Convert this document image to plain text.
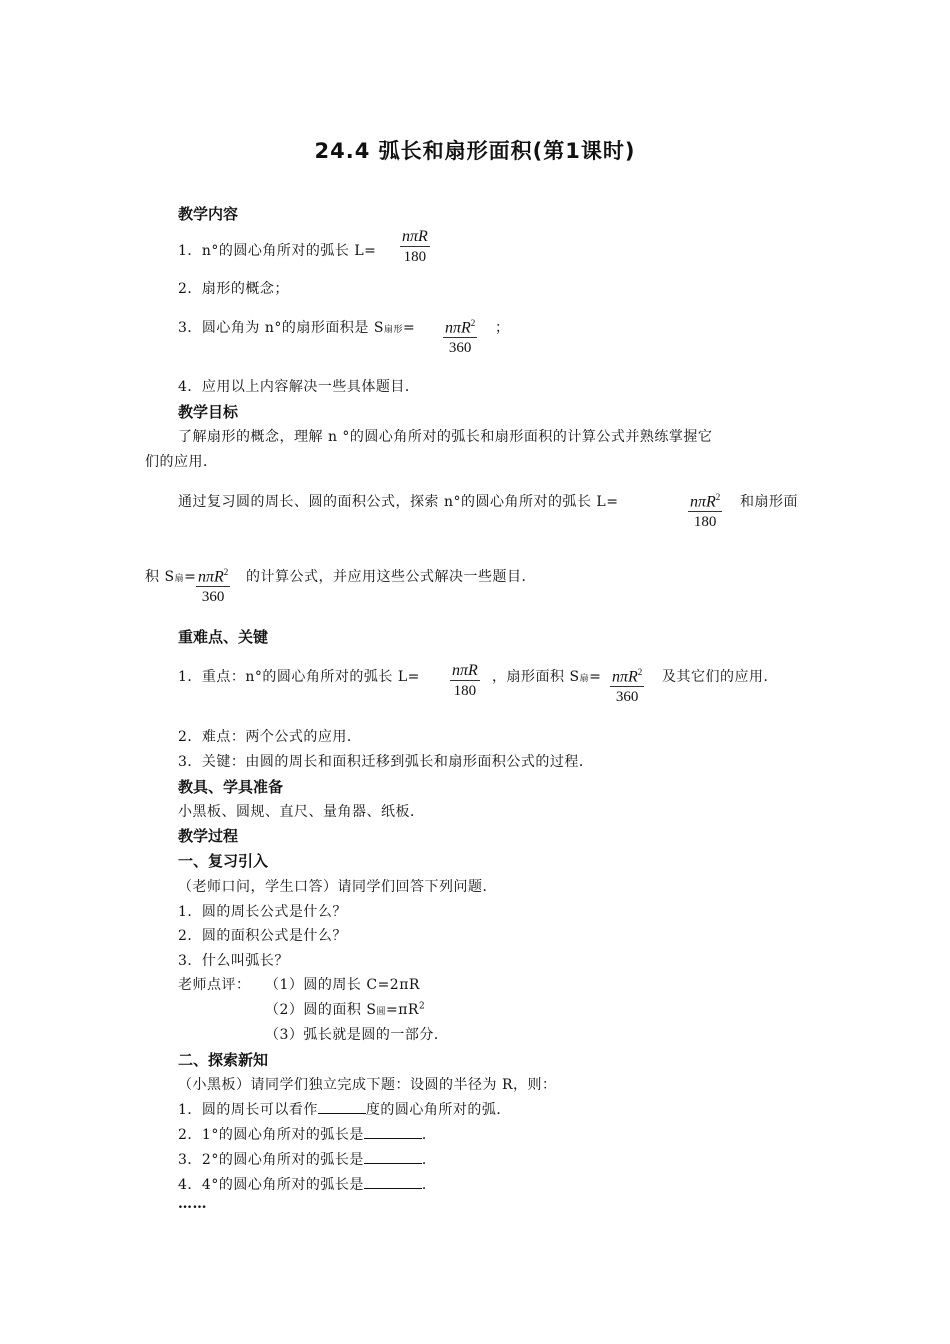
24.4 弧长和扇形面积(第1课时)
教学内容
1．n°的圆心角所对的弧长 L=
nπR
180
2．扇形的概念；
3．圆心角为 n°的扇形面积是 S扇形= nπR$^2$
360
；
4．应用以上内容解决一些具体题目．
教学目标
了解扇形的概念，理解 n °的圆心角所对的弧长和扇形面积的计算公式并熟练掌握它
们的应用．
通过复习圆的周长、圆的面积公式，探索 n°的圆心角所对的弧长 L=	nπR$^2$
180
和扇形面
积 S扇= nπR$^2$
360
的计算公式，并应用这些公式解决一些题目．
重难点、关键
1．重点：n°的圆心角所对的弧长 L= nπR
180
，扇形面积 S扇= nπR$^2$
360
及其它们的应用．
2．难点：两个公式的应用．
3．关键：由圆的周长和面积迁移到弧长和扇形面积公式的过程．
教具、学具准备
小黑板、圆规、直尺、量角器、纸板．
教学过程
一、复习引入
（老师口问，学生口答）请同学们回答下列问题．
1．圆的周长公式是什么？
2．圆的面积公式是什么？
3．什么叫弧长？
老师点评： （1）圆的周长 C=2πR
（2）圆的面积 S圆$=\pi R^2$
（3）弧长就是圆的一部分．
二、探索新知
（小黑板）请同学们独立完成下题：设圆的半径为 R，则：
1．圆的周长可以看作	度的圆心角所对的弧．
2．1°的圆心角所对的弧长是	．
3．2°的圆心角所对的弧长是	．
4．4°的圆心角所对的弧长是	．
……
